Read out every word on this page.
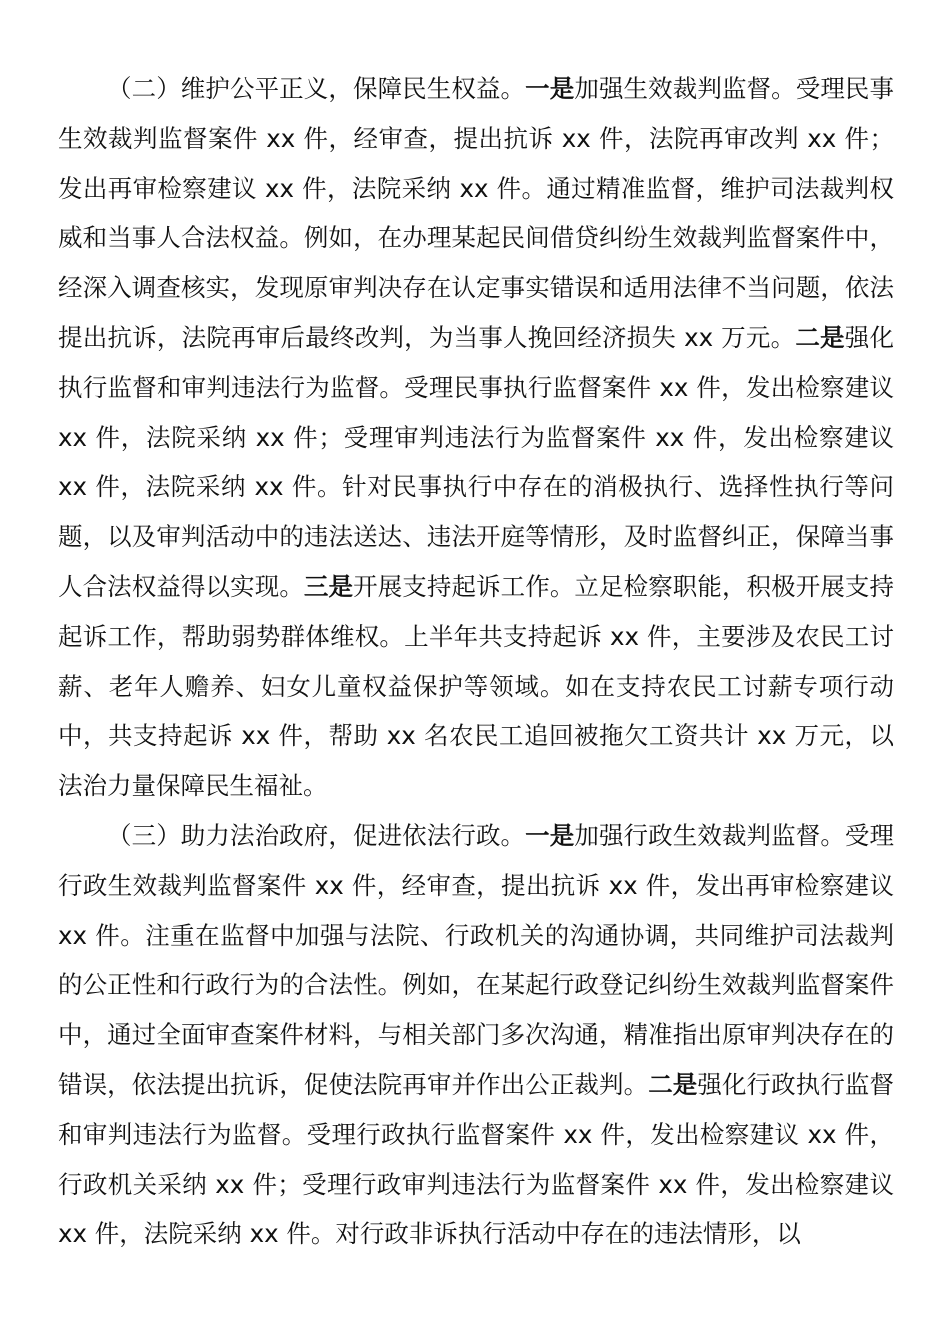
（二）维护公平正义，保障民生权益。一是加强生效裁判监督。受理民事生效裁判监督案件 xx 件，经审查，提出抗诉 xx 件，法院再审改判 xx 件；发出再审检察建议 xx 件，法院采纳 xx 件。通过精准监督，维护司法裁判权威和当事人合法权益。例如，在办理某起民间借贷纠纷生效裁判监督案件中，经深入调查核实，发现原审判决存在认定事实错误和适用法律不当问题，依法提出抗诉，法院再审后最终改判，为当事人挽回经济损失 xx 万元。二是强化执行监督和审判违法行为监督。受理民事执行监督案件 xx 件，发出检察建议 xx 件，法院采纳 xx 件；受理审判违法行为监督案件 xx 件，发出检察建议 xx 件，法院采纳 xx 件。针对民事执行中存在的消极执行、选择性执行等问题，以及审判活动中的违法送达、违法开庭等情形，及时监督纠正，保障当事人合法权益得以实现。三是开展支持起诉工作。立足检察职能，积极开展支持起诉工作，帮助弱势群体维权。上半年共支持起诉 xx 件，主要涉及农民工讨薪、老年人赡养、妇女儿童权益保护等领域。如在支持农民工讨薪专项行动中，共支持起诉 xx 件，帮助 xx 名农民工追回被拖欠工资共计 xx 万元，以法治力量保障民生福祉。

（三）助力法治政府，促进依法行政。一是加强行政生效裁判监督。受理行政生效裁判监督案件 xx 件，经审查，提出抗诉 xx 件，发出再审检察建议 xx 件。注重在监督中加强与法院、行政机关的沟通协调，共同维护司法裁判的公正性和行政行为的合法性。例如，在某起行政登记纠纷生效裁判监督案件中，通过全面审查案件材料，与相关部门多次沟通，精准指出原审判决存在的错误，依法提出抗诉，促使法院再审并作出公正裁判。二是强化行政执行监督和审判违法行为监督。受理行政执行监督案件 xx 件，发出检察建议 xx 件，行政机关采纳 xx 件；受理行政审判违法行为监督案件 xx 件，发出检察建议 xx 件，法院采纳 xx 件。对行政非诉执行活动中存在的违法情形，以
